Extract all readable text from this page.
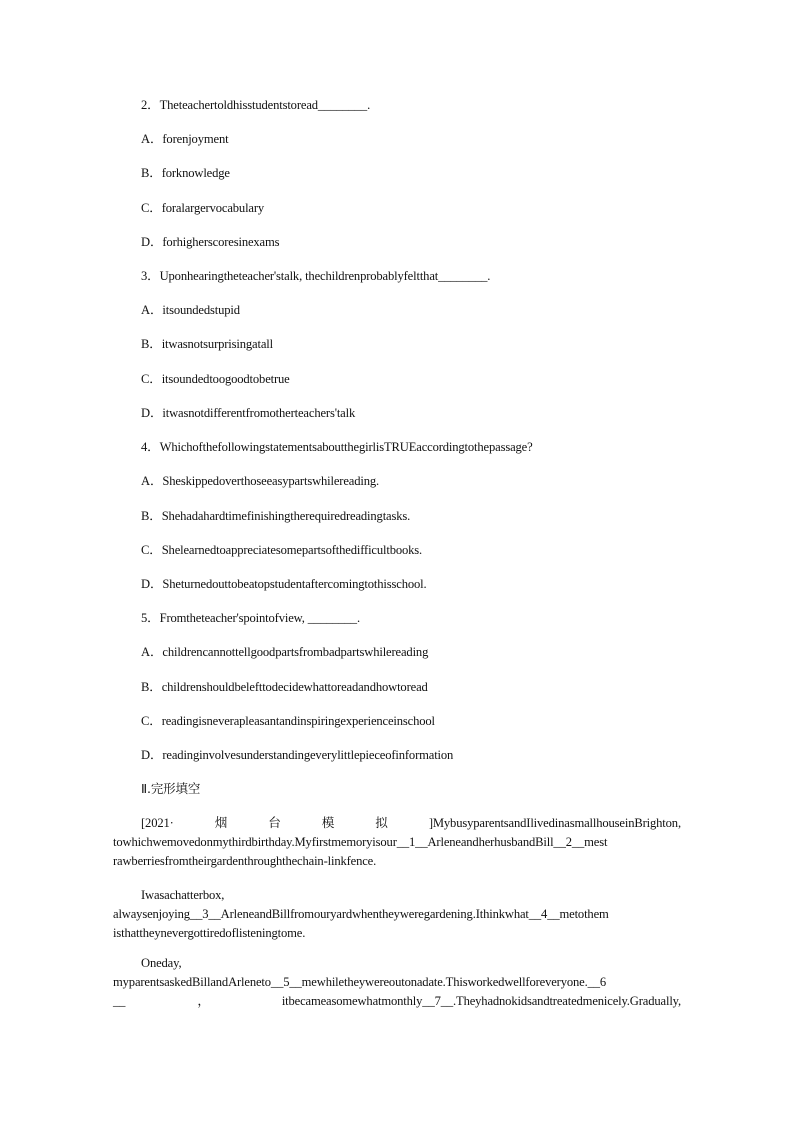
2．Theteachertoldhisstudentstoread________.
A．forenjoyment
B．forknowledge
C．foralargervocabulary
D．forhigherscoresinexams
3．Uponhearingtheteacher'stalk, thechildrenprobablyfeltthat________.
A．itsoundedstupid
B．itwasnotsurprisingatall
C．itsoundedtoogoodtobetrue
D．itwasnotdifferentfromotherteachers'talk
4．WhichofthefollowingstatementsaboutthegirlisTRUEaccordingtothepassage?
A．Sheskippedoverthoseeasypartswhilereading.
B．Shehadahardtimefinishingtherequiredreadingtasks.
C．Shelearnedtoappreciatesomepartsofthedifficultbooks.
D．Sheturnedouttobeatopstudentaftercomingtothisschool.
5．Fromtheteacher'spointofview, ________.
A．childrencannottellgoodpartsfrombadpartswhilereading
B．childrenshouldbelefttodecidewhattoreadandhowtoread
C．readingisneverapleasantandinspiringexperienceinschool
D．readinginvolvesunderstandingeverylittlepieceofinformation
Ⅱ.完形填空
[2021·	烟	台	模	拟	]MybusyparentsandIlivedinasmallhouseinBrighton,
towhichwemovedonmythirdbirthday.Myfirstmemoryisour__1__ArleneandherhusbandBill__2__mest
rawberriesfromtheirgardenthroughthechain-linkfence.
Iwasachatterbox,
alwaysenjoying__3__ArleneandBillfromouryardwhentheyweregardening.Ithinkwhat__4__metothem
isthattheynevergottiredoflisteningtome.
Oneday,
myparentsaskedBillandArleneto__5__mewhiletheywereoutonadate.Thisworkedwellforeveryone.__6
__	，	itbecameasomewhatmonthly__7__.Theyhadnokidsandtreatedmenicely.Gradually,
